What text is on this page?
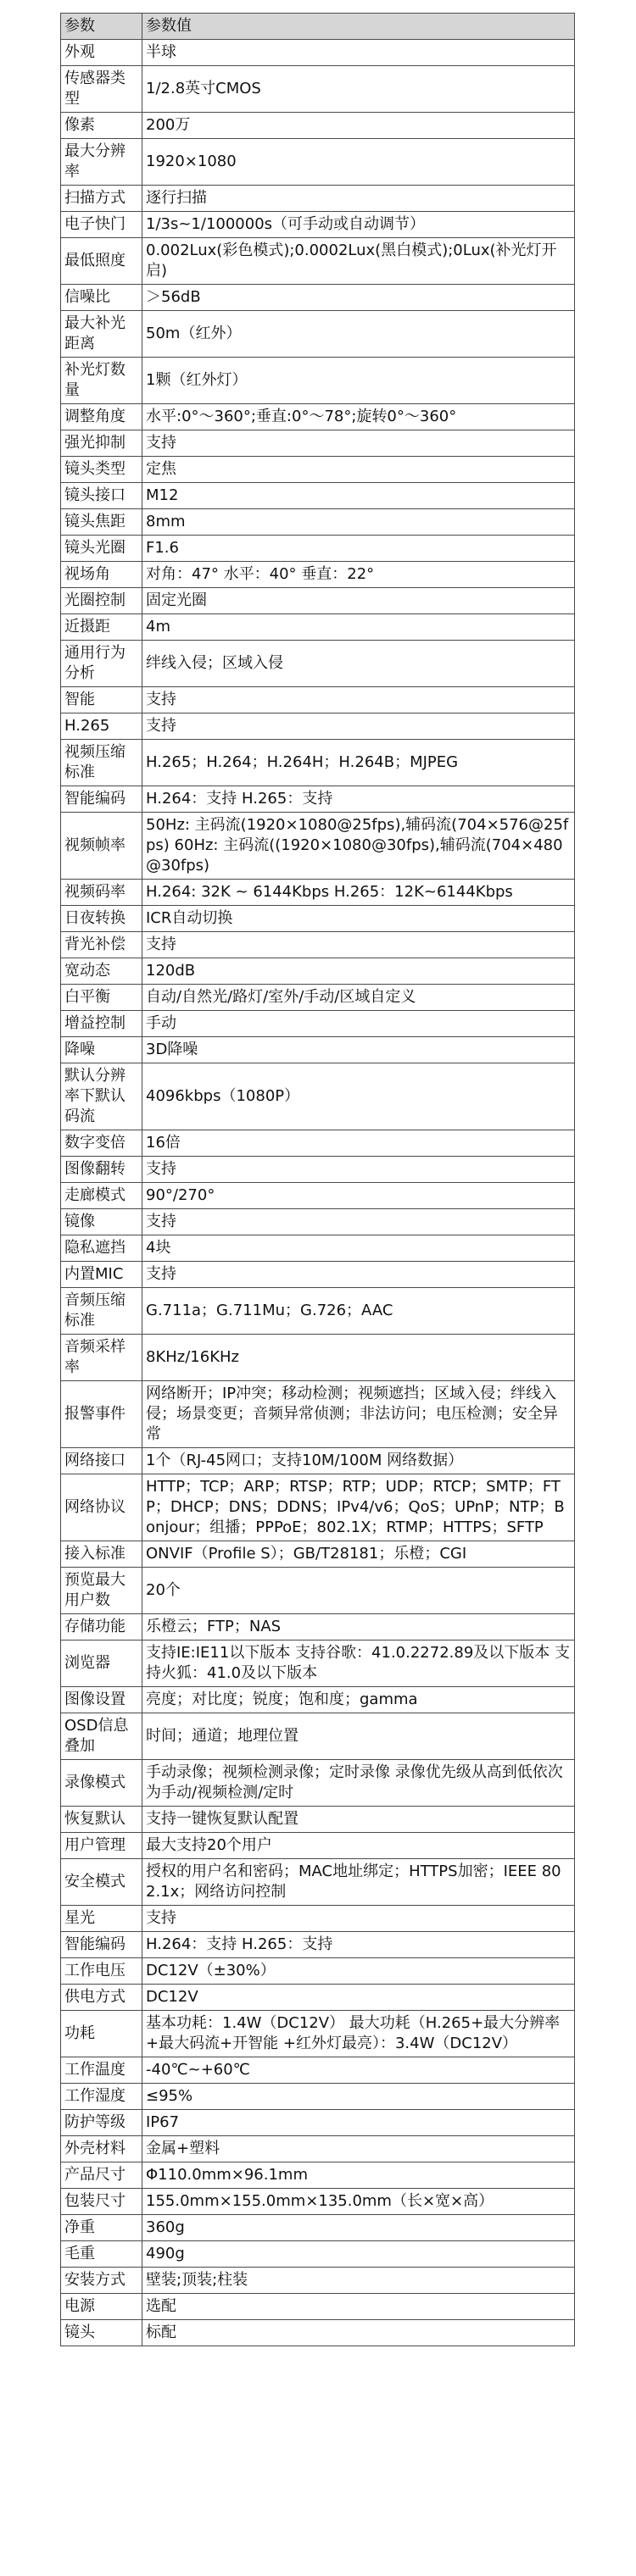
参数	参数值
外观	半球
传感器类型	1/2.8英寸CMOS
像素	200万
最大分辨率	1920×1080
扫描方式	逐行扫描
电子快门	1/3s~1/100000s（可手动或自动调节）
最低照度	0.002Lux(彩色模式);0.0002Lux(黑白模式);0Lux(补光灯开启)
信噪比	＞56dB
最大补光距离	50m（红外）
补光灯数量	1颗（红外灯）
调整角度	水平:0°～360°;垂直:0°～78°;旋转0°～360°
强光抑制	支持
镜头类型	定焦
镜头接口	M12
镜头焦距	8mm
镜头光圈	F1.6
视场角	对角：47° 水平：40° 垂直：22°
光圈控制	固定光圈
近摄距	4m
通用行为分析	绊线入侵；区域入侵
智能	支持
H.265	支持
视频压缩标准	H.265；H.264；H.264H；H.264B；MJPEG
智能编码	H.264：支持 H.265：支持
视频帧率	50Hz: 主码流(1920×1080@25fps),辅码流(704×576@25fps) 60Hz: 主码流((1920×1080@30fps),辅码流(704×480@30fps)
视频码率	H.264: 32K ~ 6144Kbps H.265：12K~6144Kbps
日夜转换	ICR自动切换
背光补偿	支持
宽动态	120dB
白平衡	自动/自然光/路灯/室外/手动/区域自定义
增益控制	手动
降噪	3D降噪
默认分辨率下默认码流	4096kbps（1080P）
数字变倍	16倍
图像翻转	支持
走廊模式	90°/270°
镜像	支持
隐私遮挡	4块
内置MIC	支持
音频压缩标准	G.711a；G.711Mu；G.726；AAC
音频采样率	8KHz/16KHz
报警事件	网络断开；IP冲突；移动检测；视频遮挡；区域入侵；绊线入侵；场景变更；音频异常侦测；非法访问；电压检测；安全异常
网络接口	1个（RJ-45网口；支持10M/100M 网络数据）
网络协议	HTTP；TCP；ARP；RTSP；RTP；UDP；RTCP；SMTP；FTP；DHCP；DNS；DDNS；IPv4/v6；QoS；UPnP；NTP；Bonjour；组播；PPPoE；802.1X；RTMP；HTTPS；SFTP
接入标准	ONVIF（Profile S）；GB/T28181；乐橙；CGI
预览最大用户数	20个
存储功能	乐橙云；FTP；NAS
浏览器	支持IE:IE11以下版本 支持谷歌：41.0.2272.89及以下版本 支持火狐：41.0及以下版本
图像设置	亮度；对比度；锐度；饱和度；gamma
OSD信息叠加	时间；通道；地理位置
录像模式	手动录像；视频检测录像；定时录像 录像优先级从高到低依次为手动/视频检测/定时
恢复默认	支持一键恢复默认配置
用户管理	最大支持20个用户
安全模式	授权的用户名和密码；MAC地址绑定；HTTPS加密；IEEE 802.1x；网络访问控制
星光	支持
智能编码	H.264：支持 H.265：支持
工作电压	DC12V（±30%）
供电方式	DC12V
功耗	基本功耗：1.4W（DC12V） 最大功耗（H.265+最大分辨率+最大码流+开智能 +红外灯最亮）：3.4W（DC12V）
工作温度	-40℃~+60℃
工作湿度	≤95%
防护等级	IP67
外壳材料	金属+塑料
产品尺寸	Φ110.0mm×96.1mm
包装尺寸	155.0mm×155.0mm×135.0mm（长×宽×高）
净重	360g
毛重	490g
安装方式	壁装;顶装;柱装
电源	选配
镜头	标配
